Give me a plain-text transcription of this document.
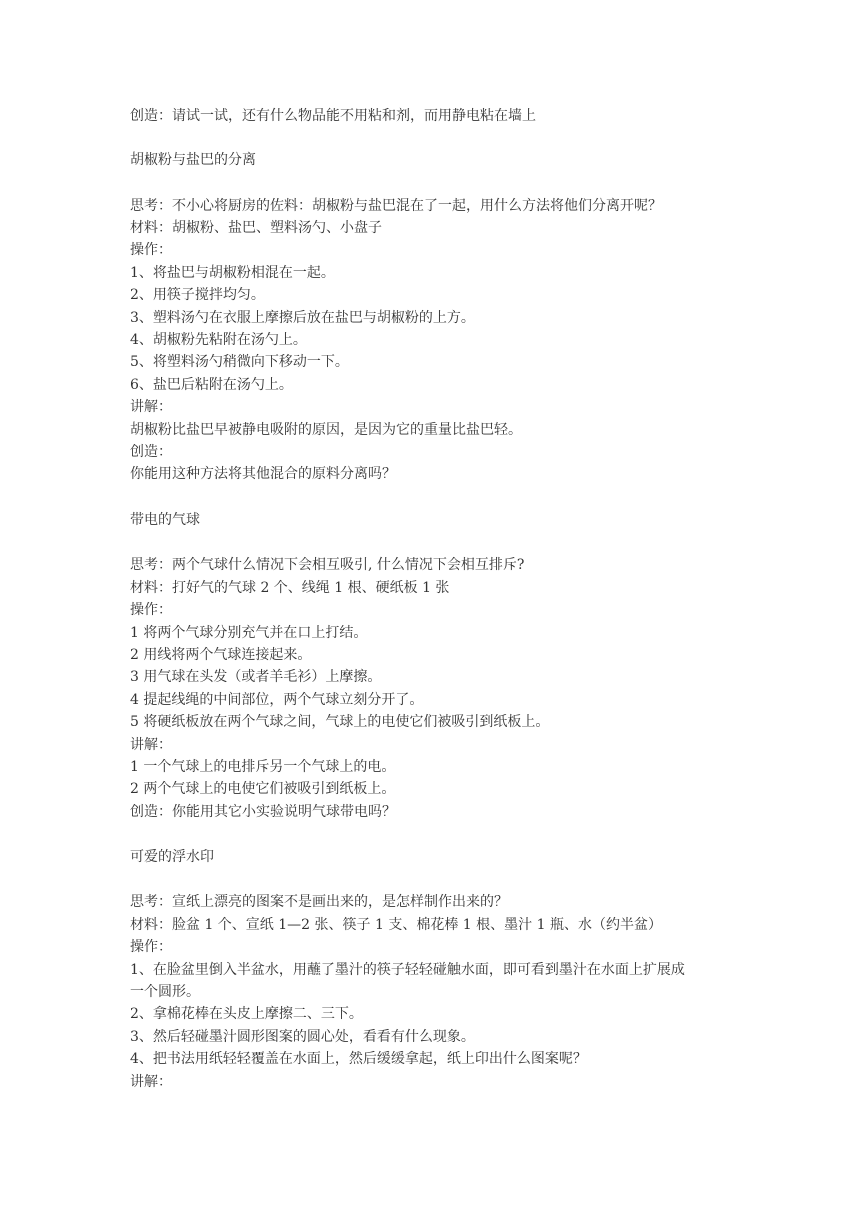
创造：请试一试，还有什么物品能不用粘和剂，而用静电粘在墙上
胡椒粉与盐巴的分离
思考：不小心将厨房的佐料：胡椒粉与盐巴混在了一起，用什么方法将他们分离开呢？
材料：胡椒粉、盐巴、塑料汤勺、小盘子
操作：
1、将盐巴与胡椒粉相混在一起。
2、用筷子搅拌均匀。
3、塑料汤勺在衣服上摩擦后放在盐巴与胡椒粉的上方。
4、胡椒粉先粘附在汤勺上。
5、将塑料汤勺稍微向下移动一下。
6、盐巴后粘附在汤勺上。
讲解：
胡椒粉比盐巴早被静电吸附的原因，是因为它的重量比盐巴轻。
创造：
你能用这种方法将其他混合的原料分离吗？
带电的气球
思考：两个气球什么情况下会相互吸引, 什么情况下会相互排斥?
材料：打好气的气球 2 个、线绳 1 根、硬纸板 1 张
操作：
1 将两个气球分别充气并在口上打结。
2 用线将两个气球连接起来。
3 用气球在头发（或者羊毛衫）上摩擦。
4 提起线绳的中间部位，两个气球立刻分开了。
5 将硬纸板放在两个气球之间，气球上的电使它们被吸引到纸板上。
讲解：
1 一个气球上的电排斥另一个气球上的电。
2 两个气球上的电使它们被吸引到纸板上。
创造：你能用其它小实验说明气球带电吗？
可爱的浮水印
思考：宣纸上漂亮的图案不是画出来的，是怎样制作出来的？
材料：脸盆 1 个、宣纸 1—2 张、筷子 1 支、棉花棒 1 根、墨汁 1 瓶、水（约半盆）
操作：
1、在脸盆里倒入半盆水，用蘸了墨汁的筷子轻轻碰触水面，即可看到墨汁在水面上扩展成
一个圆形。
2、拿棉花棒在头皮上摩擦二、三下。
3、然后轻碰墨汁圆形图案的圆心处，看看有什么现象。
4、把书法用纸轻轻覆盖在水面上，然后缓缓拿起，纸上印出什么图案呢？
讲解：
